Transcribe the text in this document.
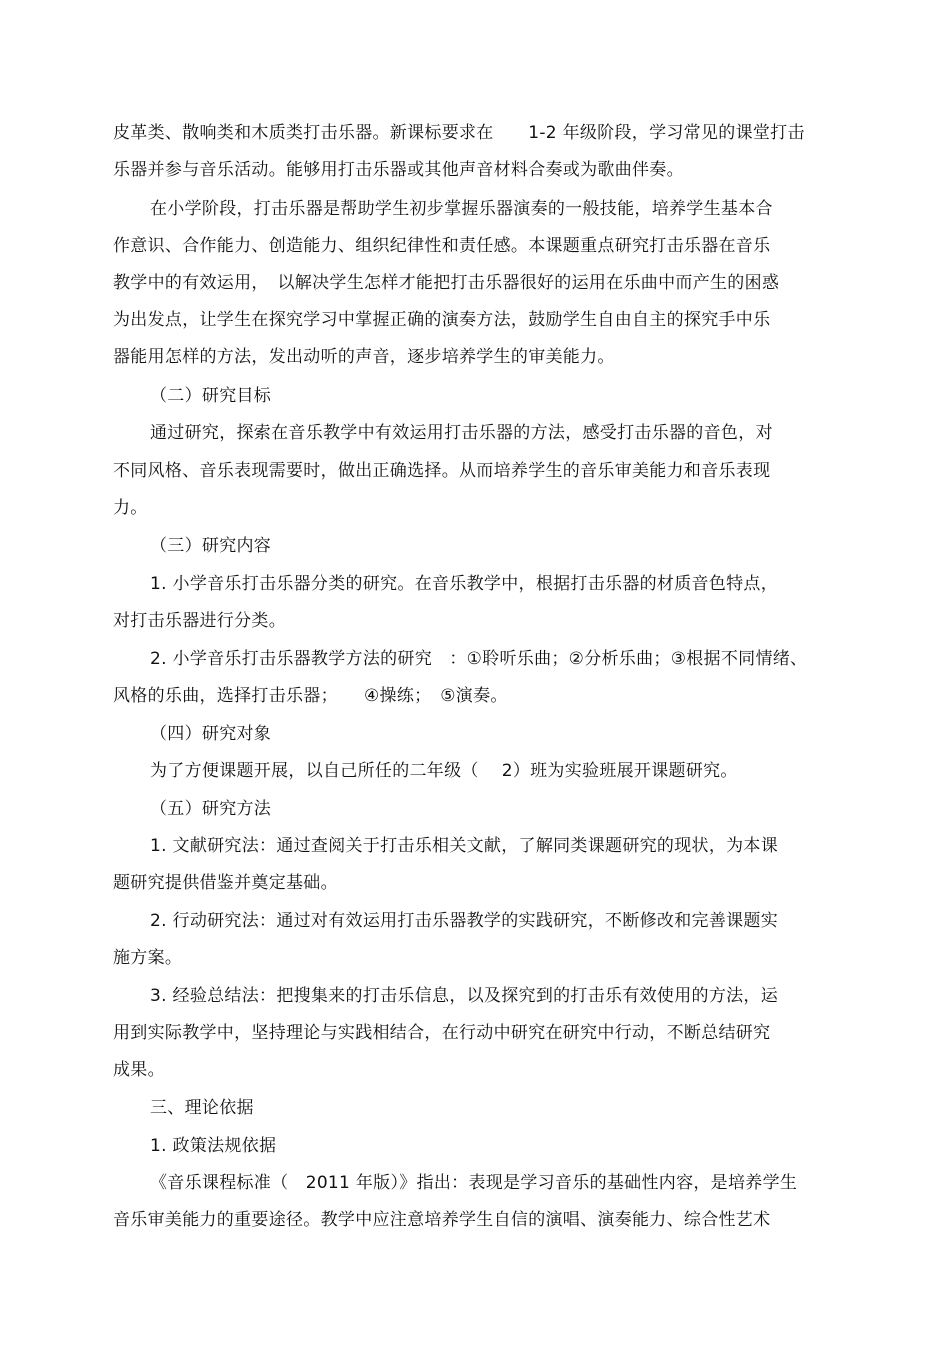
皮革类、散响类和木质类打击乐器。新课标要求在　　1-2 年级阶段，学习常见的课堂打击
乐器并参与音乐活动。能够用打击乐器或其他声音材料合奏或为歌曲伴奏。
在小学阶段，打击乐器是帮助学生初步掌握乐器演奏的一般技能，培养学生基本合
作意识、合作能力、创造能力、组织纪律性和责任感。本课题重点研究打击乐器在音乐
教学中的有效运用，　以解决学生怎样才能把打击乐器很好的运用在乐曲中而产生的困惑
为出发点，让学生在探究学习中掌握正确的演奏方法，鼓励学生自由自主的探究手中乐
器能用怎样的方法，发出动听的声音，逐步培养学生的审美能力。
（二）研究目标
通过研究，探索在音乐教学中有效运用打击乐器的方法，感受打击乐器的音色，对
不同风格、音乐表现需要时，做出正确选择。从而培养学生的音乐审美能力和音乐表现
力。
（三）研究内容
1. 小学音乐打击乐器分类的研究。在音乐教学中，根据打击乐器的材质音色特点，
对打击乐器进行分类。
2. 小学音乐打击乐器教学方法的研究　：①聆听乐曲；②分析乐曲；③根据不同情绪、
风格的乐曲，选择打击乐器；　　④操练；　⑤演奏。
（四）研究对象
为了方便课题开展，以自己所任的二年级（　 2）班为实验班展开课题研究。
（五）研究方法
1. 文献研究法：通过查阅关于打击乐相关文献，了解同类课题研究的现状，为本课
题研究提供借鉴并奠定基础。
2. 行动研究法：通过对有效运用打击乐器教学的实践研究，不断修改和完善课题实
施方案。
3. 经验总结法：把搜集来的打击乐信息，以及探究到的打击乐有效使用的方法，运
用到实际教学中，坚持理论与实践相结合，在行动中研究在研究中行动，不断总结研究
成果。
三、理论依据
1. 政策法规依据
《音乐课程标准（　2011 年版）》指出：表现是学习音乐的基础性内容，是培养学生
音乐审美能力的重要途径。教学中应注意培养学生自信的演唱、演奏能力、综合性艺术
